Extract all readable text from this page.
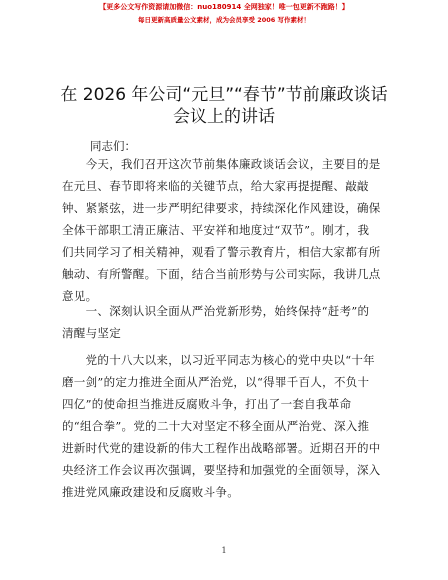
【更多公文写作资源请加微信：nuo180914 全网独家！唯一包更新不跑路！】
每日更新高质量公文素材，成为会员享受 2006 写作素材！
在 2026 年公司“元旦”“春节”节前廉政谈话
会议上的讲话
同志们：
　　今天，我们召开这次节前集体廉政谈话会议，主要目的是
在元旦、春节即将来临的关键节点，给大家再提提醒、敲敲
钟、紧紧弦，进一步严明纪律要求，持续深化作风建设，确保
全体干部职工清正廉洁、平安祥和地度过“双节”。刚才，我
们共同学习了相关精神，观看了警示教育片，相信大家都有所
触动、有所警醒。下面，结合当前形势与公司实际，我讲几点
意见。
　　一、深刻认识全面从严治党新形势，始终保持“赶考”的
清醒与坚定
　　党的十八大以来，以习近平同志为核心的党中央以“十年
磨一剑”的定力推进全面从严治党，以“得罪千百人，不负十
四亿”的使命担当推进反腐败斗争，打出了一套自我革命
的“组合拳”。党的二十大对坚定不移全面从严治党、深入推
进新时代党的建设新的伟大工程作出战略部署。近期召开的中
央经济工作会议再次强调，要坚持和加强党的全面领导，深入
推进党风廉政建设和反腐败斗争。
1
